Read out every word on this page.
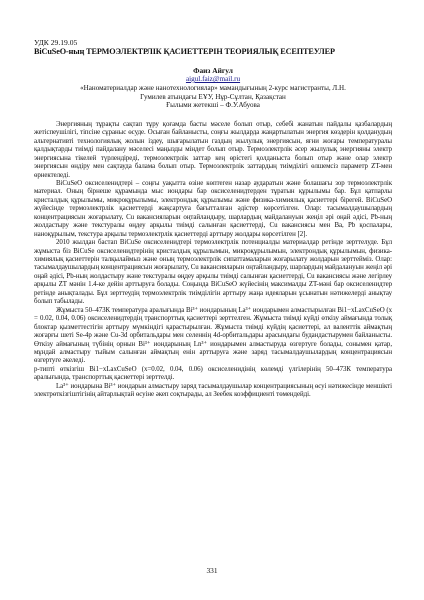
УДК 29.19.05

BiCuSeO-ның ТЕРМОЭЛЕКТРЛІК ҚАСИЕТТЕРІН ТЕОРИЯЛЫҚ ЕСЕПТЕУЛЕР

Фаиз Айгул

aigul.faiz@mail.ru

«Наноматериалдар және нанотехнологиялар» мамандығының 2-курс магистранты, Л.Н.

Гумилев атындағы ЕҰУ, Нұр-Сұлтан, Қазақстан

Ғылыми жетекші – Ф.У.Абуова

Энергияның тұрақты сақтап тұру қоғамда басты мәселе болып отыр, себебі жанатын пайдалы қазбалардың жетіспеушілігі, тіпсіне сұраныс өсуде. Осыған байланысты, соңғы жылдарда жаңартылатын энергия көздерін қолданудың альтернативті технологиялық жолын іздеу, шығарылатын газдың жылулық энергиясын, яғни жоғары температуралы қалдықтарды тиімді пайдалану мәселесі маңызды міндет болып отыр. Термоэлектрлік әсер жылулық энергияны электр энергиясына тікелей түрлендіреді, термоэлектрлік заттар кең өрістегі қолданыста болып отыр және олар электр энергиясын өндіру мен сақтауда балама болып отыр. Термоэлектрлік заттардың тиімділігі өлшемсіз параметр ZT-мен өрнектеледі.

BiCuSeO оксиселенидтері – соңғы уақытта өзіне көптеген назар аударатын және болашағы зор термоэлектрлік материал. Оның бірнеше құрамында мыс иондары бар оксиселенидтерден тұратын құрылымы бар. Бұл қатпарлы кристалдық құрылымы, микроқұрылымы, электрондық құрылымы және физика-химиялық қасиеттері бірегей. BiCuSeO жүйесінде термоэлектрлік қасиеттерді жақсартуға бағытталған әдістер көрсетілген. Олар: тасымалдаушылардың концентрациясын жоғарылату, Cu вакансияларын оңтайландыру, шарлардың майдалануын жеңіл әрі оңай әдісі, Pb-ның жолдастыру және текстуралы өңдеу арқылы тиімді салынған қасиеттерді, Cu вакансиясы мен Ba, Pb қоспалары, наноқұрылым, текстура арқылы термоэлектрлік қасиеттерді арттыру жолдары көрсетілген [2].

2010 жылдан бастап BiCuSe оксиселенидтері термоэлектрлік потенциалды материалдар ретінде зерттелуде. Бұл жұмыста біз BiCuSe оксиселенидтерінің кристалдық құрылымын, микроқұрылымын, электрондық құрылымын, физика-химиялық қасиеттерін талқылаймыз және оның термоэлектрлік сипаттамаларын жоғарылату жолдарын зерттейміз. Олар: тасымалдаушылардың концентрациясын жоғарылату, Cu вакансияларын оңтайландыру, шарлардың майдалануын жеңіл әрі оңай әдісі, Pb-ның жолдастыру және текстуралы өңдеу арқылы тиімді салынған қасиеттерді, Cu вакансиясы және легірлеу арқылы ZT мәнін 1.4-ке дейін арттыруға болады. Соңында BiCuSeO жүйесінің максималды ZT-мәні бар оксиселенидтер ретінде анықталады. Бұл зерттеудің термоэлектрлік тиімділігін арттыру жаңа идеяларын ұсынатын нәтижелерді анықтау болып табылады.

Жұмыста 50–473К температура аралығында Bi³⁺ иондарының La³⁺ иондарымен алмастырылған Bi1−xLaxCuSeO (x = 0.02, 0.04, 0.06) оксиселенидтердің транспорттық қасиеттері зерттелген. Жұмыста тиімді күйді өткізу аймағында толық блоктар қызметтестігін арттыру мүмкіндігі қарастырылған. Жұмыста тиімді күйдің қасиеттері, ал валенттік аймақтың жоғарғы шеті Se-4p және Cu-3d орбитальдары мен селеннің 4d-орбитальдары арасындағы будандастырумен байланысты. Өткізу аймағының түбінің орнын Bi³⁺ иондарының Ln³⁺ иондарымен алмастыруда өзгертуге болады, сонымен қатар, мұндай алмастыру тыйым салынған аймақтың енін арттыруға және заряд тасымалдаушылардың концентрациясын өзгертуге әкеледі.

p-типті өткізгіш Bi1−xLaxCuSeO (x=0.02, 0.04, 0.06) оксиселенидінің көлемді үлгілерінің 50–473К температура аралығында, транспорттық қасиеттері зерттелді.

La³⁺ иондарына Bi³⁺ иондарын алмастыру заряд тасымалдаушылар концентрациясының өсуі нәтижесінде меншікті электрөткізгіштігінің айтарлықтай өсуіне әкеп соқтырады, ал Зеебек коэффициенті төмендейді.

331
